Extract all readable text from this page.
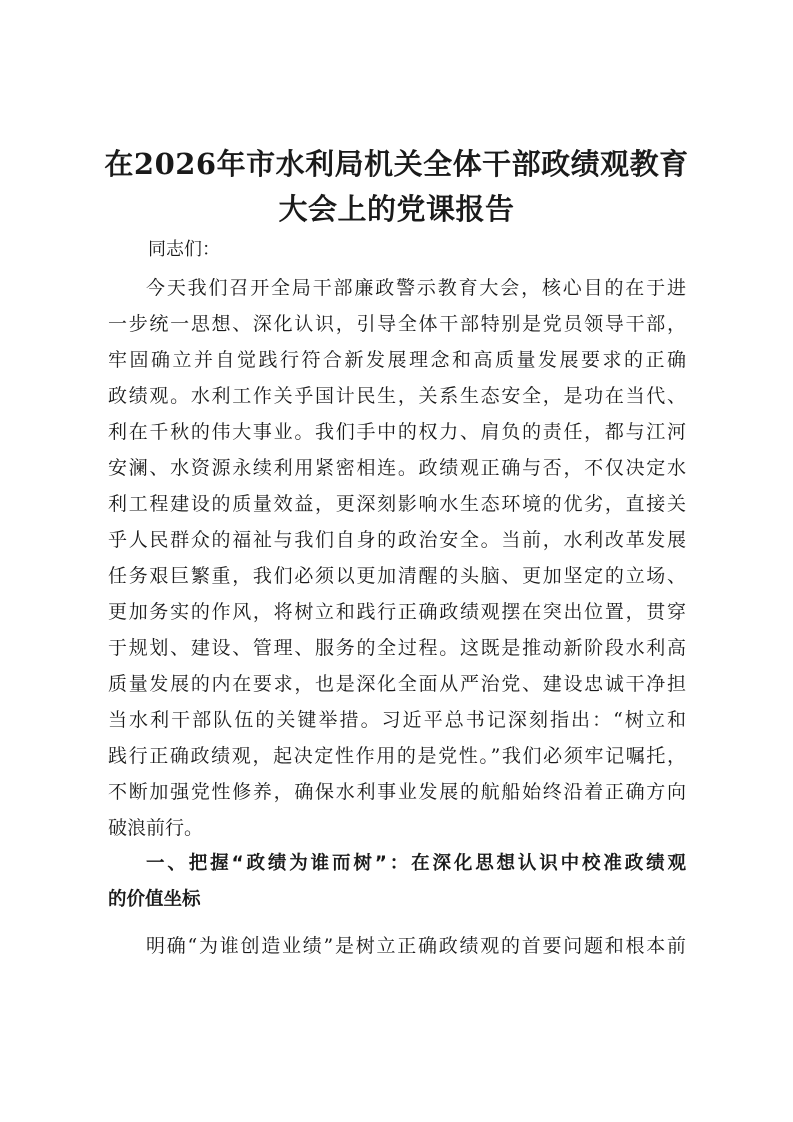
在2026年市水利局机关全体干部政绩观教育
大会上的党课报告
同志们：
今天我们召开全局干部廉政警示教育大会，核心目的在于进
一步统一思想、深化认识，引导全体干部特别是党员领导干部，
牢固确立并自觉践行符合新发展理念和高质量发展要求的正确
政绩观。水利工作关乎国计民生，关系生态安全，是功在当代、
利在千秋的伟大事业。我们手中的权力、肩负的责任，都与江河
安澜、水资源永续利用紧密相连。政绩观正确与否，不仅决定水
利工程建设的质量效益，更深刻影响水生态环境的优劣，直接关
乎人民群众的福祉与我们自身的政治安全。当前，水利改革发展
任务艰巨繁重，我们必须以更加清醒的头脑、更加坚定的立场、
更加务实的作风，将树立和践行正确政绩观摆在突出位置，贯穿
于规划、建设、管理、服务的全过程。这既是推动新阶段水利高
质量发展的内在要求，也是深化全面从严治党、建设忠诚干净担
当水利干部队伍的关键举措。习近平总书记深刻指出：“树立和
践行正确政绩观，起决定性作用的是党性。”我们必须牢记嘱托，
不断加强党性修养，确保水利事业发展的航船始终沿着正确方向
破浪前行。
一、把握“政绩为谁而树”：在深化思想认识中校准政绩观
的价值坐标
明确“为谁创造业绩”是树立正确政绩观的首要问题和根本前
